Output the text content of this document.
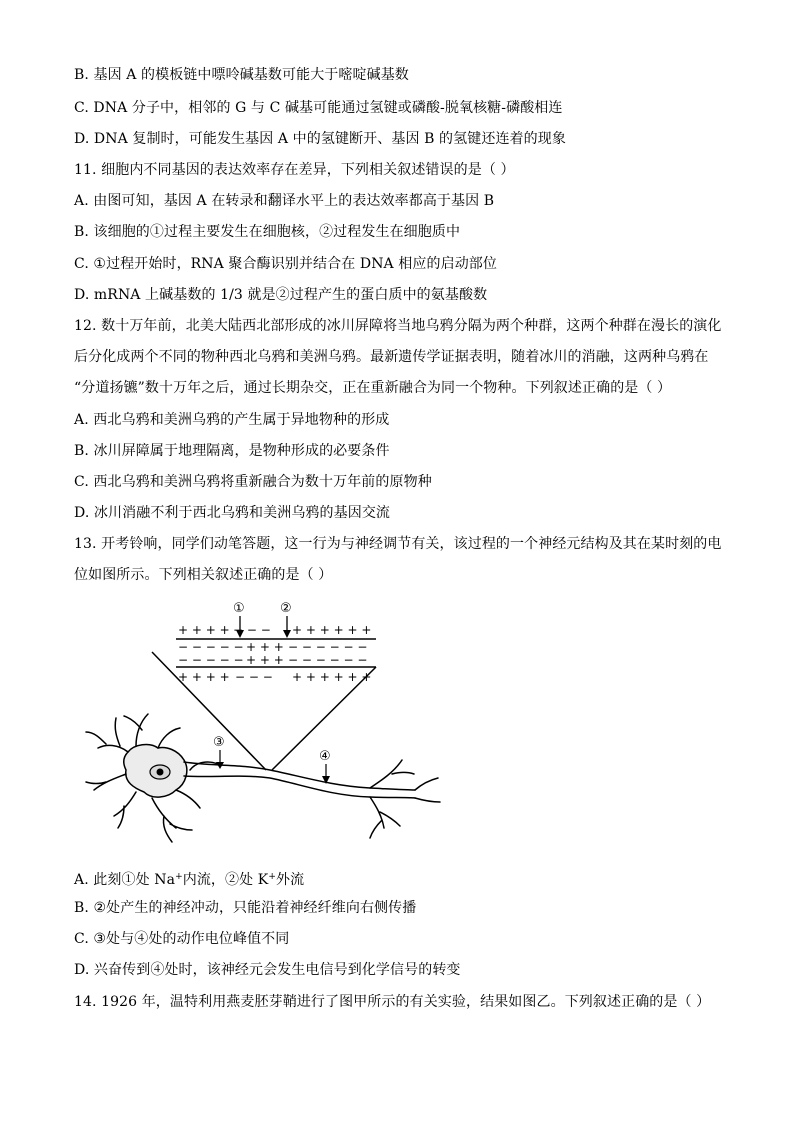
B. 基因 A 的模板链中嘌呤碱基数可能大于嘧啶碱基数
C. DNA 分子中，相邻的 G 与 C 碱基可能通过氢键或磷酸-脱氧核糖-磷酸相连
D. DNA 复制时，可能发生基因 A 中的氢键断开、基因 B 的氢键还连着的现象
11. 细胞内不同基因的表达效率存在差异，下列相关叙述错误的是（ ）
A. 由图可知，基因 A 在转录和翻译水平上的表达效率都高于基因 B
B. 该细胞的①过程主要发生在细胞核，②过程发生在细胞质中
C. ①过程开始时，RNA 聚合酶识别并结合在 DNA 相应的启动部位
D. mRNA 上碱基数的 1/3 就是②过程产生的蛋白质中的氨基酸数
12. 数十万年前，北美大陆西北部形成的冰川屏障将当地乌鸦分隔为两个种群，这两个种群在漫长的演化
后分化成两个不同的物种西北乌鸦和美洲乌鸦。最新遗传学证据表明，随着冰川的消融，这两种乌鸦在
“分道扬镳”数十万年之后，通过长期杂交，正在重新融合为同一个物种。下列叙述正确的是（ ）
A. 西北乌鸦和美洲乌鸦的产生属于异地物种的形成
B. 冰川屏障属于地理隔离，是物种形成的必要条件
C. 西北乌鸦和美洲乌鸦将重新融合为数十万年前的原物种
D. 冰川消融不利于西北乌鸦和美洲乌鸦的基因交流
13. 开考铃响，同学们动笔答题，这一行为与神经调节有关，该过程的一个神经元结构及其在某时刻的电
位如图所示。下列相关叙述正确的是（ ）
①	②
③
④
+ + + + − − − + + + + + +
− − − − − + + + − − − − − −
− − − − − + + + − − − − − −
+ + + + − − − + + + + + +
A. 此刻①处 Na+内流，②处 K+外流
B. ②处产生的神经冲动，只能沿着神经纤维向右侧传播
C. ③处与④处的动作电位峰值不同
D. 兴奋传到④处时，该神经元会发生电信号到化学信号的转变
14. 1926 年，温特利用燕麦胚芽鞘进行了图甲所示的有关实验，结果如图乙。下列叙述正确的是（ ）
